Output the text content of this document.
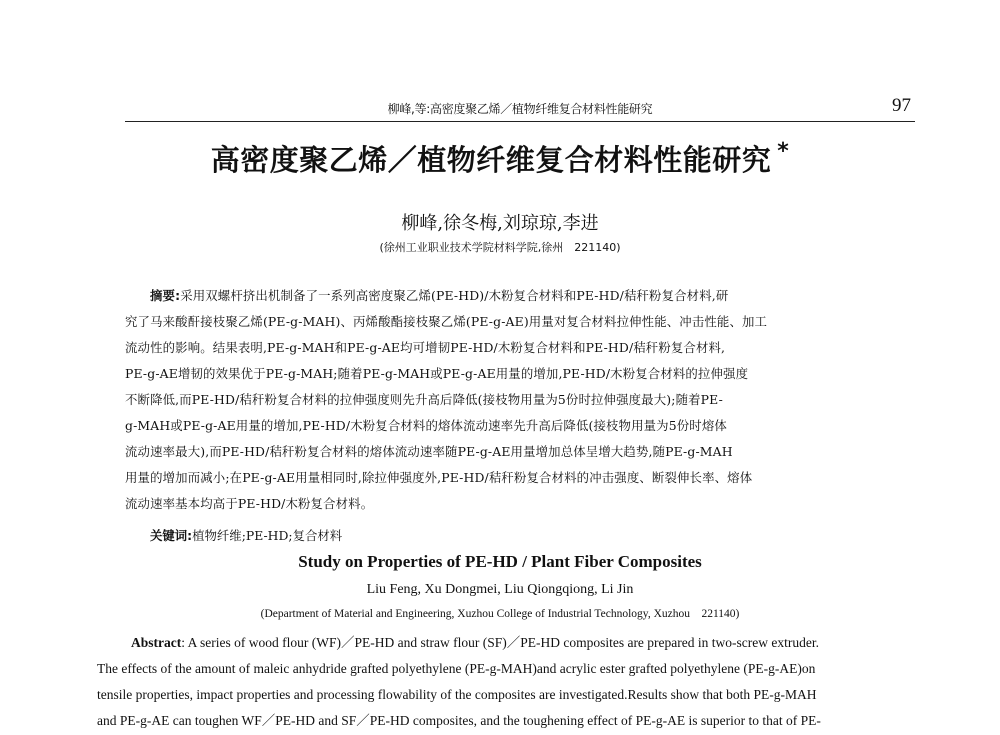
柳峰,等:高密度聚乙烯／植物纤维复合材料性能研究	97
高密度聚乙烯／植物纤维复合材料性能研究 *
柳峰,徐冬梅,刘琼琼,李进
(徐州工业职业技术学院材料学院,徐州　221140)
摘要:采用双螺杆挤出机制备了一系列高密度聚乙烯(PE-HD)/木粉复合材料和PE-HD/秸秆粉复合材料,研
究了马来酸酐接枝聚乙烯(PE-g-MAH)、丙烯酸酯接枝聚乙烯(PE-g-AE)用量对复合材料拉伸性能、冲击性能、加工
流动性的影响。结果表明,PE-g-MAH和PE-g-AE均可增韧PE-HD/木粉复合材料和PE-HD/秸秆粉复合材料,
PE-g-AE增韧的效果优于PE-g-MAH;随着PE-g-MAH或PE-g-AE用量的增加,PE-HD/木粉复合材料的拉伸强度
不断降低,而PE-HD/秸秆粉复合材料的拉伸强度则先升高后降低(接枝物用量为5份时拉伸强度最大);随着PE-
g-MAH或PE-g-AE用量的增加,PE-HD/木粉复合材料的熔体流动速率先升高后降低(接枝物用量为5份时熔体
流动速率最大),而PE-HD/秸秆粉复合材料的熔体流动速率随PE-g-AE用量增加总体呈增大趋势,随PE-g-MAH
用量的增加而减小;在PE-g-AE用量相同时,除拉伸强度外,PE-HD/秸秆粉复合材料的冲击强度、断裂伸长率、熔体
流动速率基本均高于PE-HD/木粉复合材料。
关键词:植物纤维;PE-HD;复合材料
Study on Properties of PE-HD / Plant Fiber Composites
Liu Feng, Xu Dongmei, Liu Qiongqiong, Li Jin
(Department of Material and Engineering, Xuzhou College of Industrial Technology, Xuzhou　221140)
Abstract: A series of wood flour (WF)／PE-HD and straw flour (SF)／PE-HD composites are prepared in two-screw extruder.
The effects of the amount of maleic anhydride grafted polyethylene (PE-g-MAH)and acrylic ester grafted polyethylene (PE-g-AE)on
tensile properties, impact properties and processing flowability of the composites are investigated.Results show that both PE-g-MAH
and PE-g-AE can toughen WF／PE-HD and SF／PE-HD composites, and the toughening effect of PE-g-AE is superior to that of PE-
